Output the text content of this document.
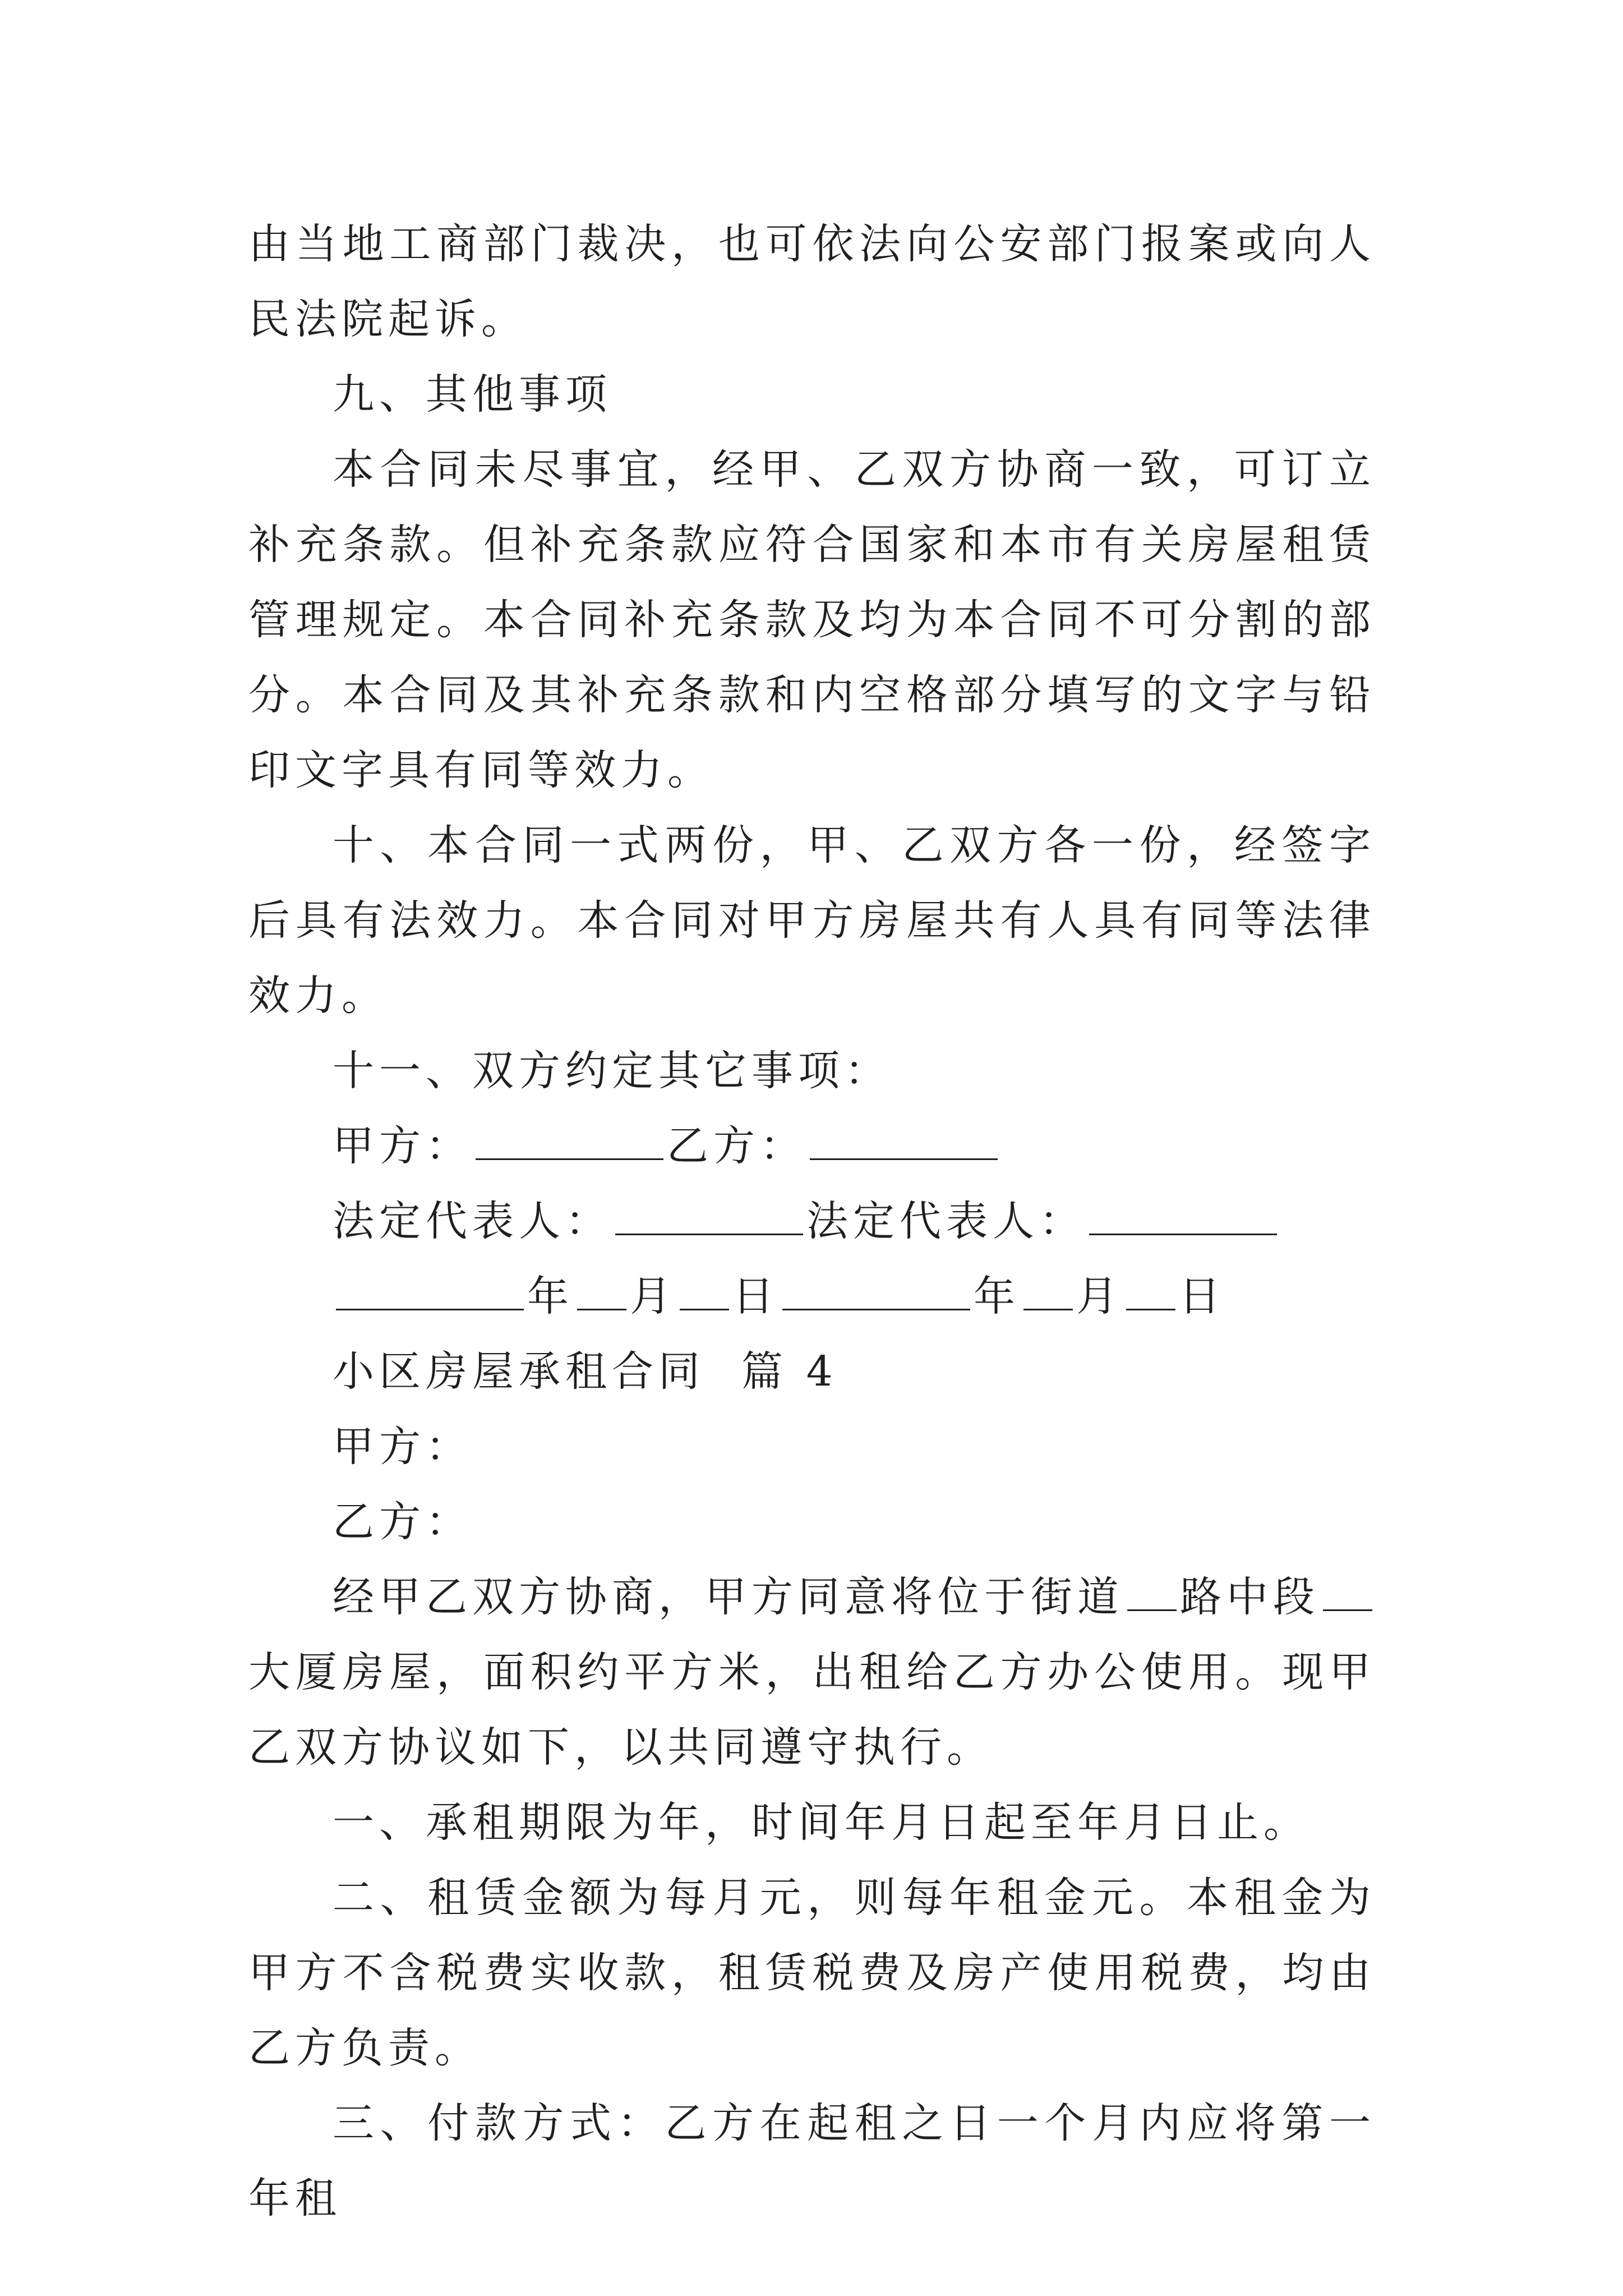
由当地工商部门裁决，也可依法向公安部门报案或向人民法院起诉。

九、其他事项

本合同未尽事宜，经甲、乙双方协商一致，可订立补充条款。但补充条款应符合国家和本市有关房屋租赁管理规定。本合同补充条款及均为本合同不可分割的部分。本合同及其补充条款和内空格部分填写的文字与铅印文字具有同等效力。

十、本合同一式两份，甲、乙双方各一份，经签字后具有法效力。本合同对甲方房屋共有人具有同等法律效力。

十一、双方约定其它事项：

甲方：	乙方：

法定代表人：	法定代表人：

年 月 日	年 月 日

小区房屋承租合同  篇 4

甲方：

乙方：

经甲乙双方协商，甲方同意将位于街道 路中段大厦房屋，面积约平方米，出租给乙方办公使用。现甲乙双方协议如下，以共同遵守执行。

一、承租期限为年，时间年月日起至年月日止。

二、租赁金额为每月元，则每年租金元。本租金为甲方不含税费实收款，租赁税费及房产使用税费，均由乙方负责。

三、付款方式：乙方在起租之日一个月内应将第一年租
